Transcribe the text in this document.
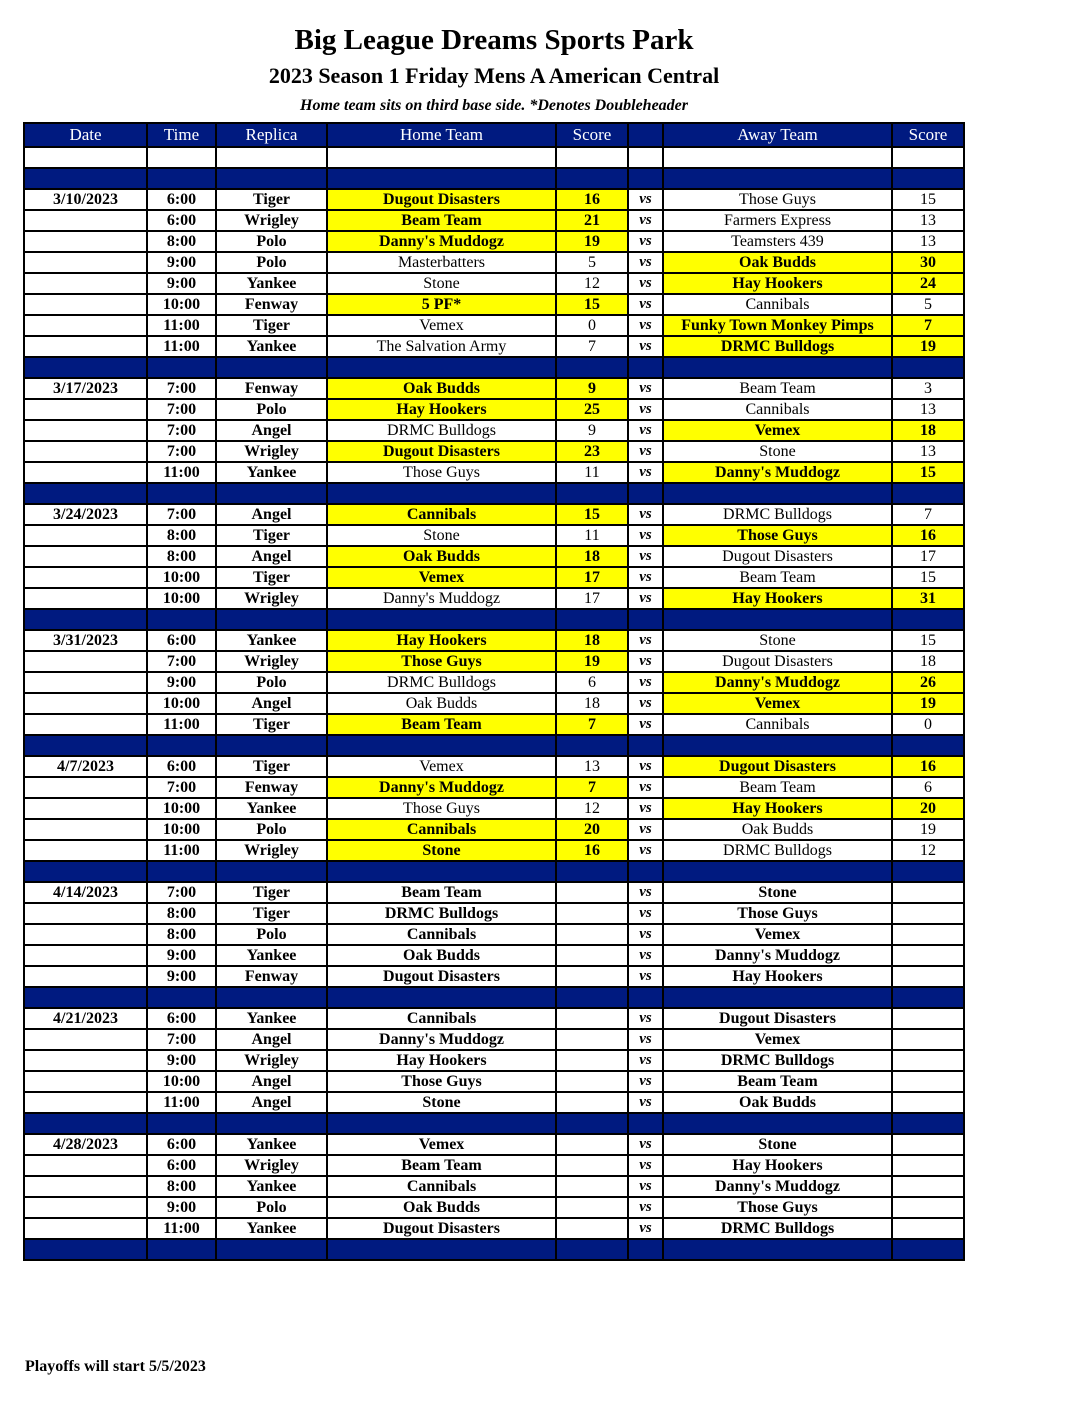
Big League Dreams Sports Park
2023 Season 1 Friday Mens A American Central
Home team sits on third base side. *Denotes Doubleheader
Date	Time	Replica	Home Team	Score		Away Team	Score

3/10/2023	6:00	Tiger	Dugout Disasters	16	vs	Those Guys	15
	6:00	Wrigley	Beam Team	21	vs	Farmers Express	13
	8:00	Polo	Danny's Muddogz	19	vs	Teamsters 439	13
	9:00	Polo	Masterbatters	5	vs	Oak Budds	30
	9:00	Yankee	Stone	12	vs	Hay Hookers	24
	10:00	Fenway	5 PF*	15	vs	Cannibals	5
	11:00	Tiger	Vemex	0	vs	Funky Town Monkey Pimps	7
	11:00	Yankee	The Salvation Army	7	vs	DRMC Bulldogs	19

3/17/2023	7:00	Fenway	Oak Budds	9	vs	Beam Team	3
	7:00	Polo	Hay Hookers	25	vs	Cannibals	13
	7:00	Angel	DRMC Bulldogs	9	vs	Vemex	18
	7:00	Wrigley	Dugout Disasters	23	vs	Stone	13
	11:00	Yankee	Those Guys	11	vs	Danny's Muddogz	15

3/24/2023	7:00	Angel	Cannibals	15	vs	DRMC Bulldogs	7
	8:00	Tiger	Stone	11	vs	Those Guys	16
	8:00	Angel	Oak Budds	18	vs	Dugout Disasters	17
	10:00	Tiger	Vemex	17	vs	Beam Team	15
	10:00	Wrigley	Danny's Muddogz	17	vs	Hay Hookers	31

3/31/2023	6:00	Yankee	Hay Hookers	18	vs	Stone	15
	7:00	Wrigley	Those Guys	19	vs	Dugout Disasters	18
	9:00	Polo	DRMC Bulldogs	6	vs	Danny's Muddogz	26
	10:00	Angel	Oak Budds	18	vs	Vemex	19
	11:00	Tiger	Beam Team	7	vs	Cannibals	0

4/7/2023	6:00	Tiger	Vemex	13	vs	Dugout Disasters	16
	7:00	Fenway	Danny's Muddogz	7	vs	Beam Team	6
	10:00	Yankee	Those Guys	12	vs	Hay Hookers	20
	10:00	Polo	Cannibals	20	vs	Oak Budds	19
	11:00	Wrigley	Stone	16	vs	DRMC Bulldogs	12

4/14/2023	7:00	Tiger	Beam Team		vs	Stone	
	8:00	Tiger	DRMC Bulldogs		vs	Those Guys	
	8:00	Polo	Cannibals		vs	Vemex	
	9:00	Yankee	Oak Budds		vs	Danny's Muddogz	
	9:00	Fenway	Dugout Disasters		vs	Hay Hookers	

4/21/2023	6:00	Yankee	Cannibals		vs	Dugout Disasters	
	7:00	Angel	Danny's Muddogz		vs	Vemex	
	9:00	Wrigley	Hay Hookers		vs	DRMC Bulldogs	
	10:00	Angel	Those Guys		vs	Beam Team	
	11:00	Angel	Stone		vs	Oak Budds	

4/28/2023	6:00	Yankee	Vemex		vs	Stone	
	6:00	Wrigley	Beam Team		vs	Hay Hookers	
	8:00	Yankee	Cannibals		vs	Danny's Muddogz	
	9:00	Polo	Oak Budds		vs	Those Guys	
	11:00	Yankee	Dugout Disasters		vs	DRMC Bulldogs	

Playoffs will start 5/5/2023
